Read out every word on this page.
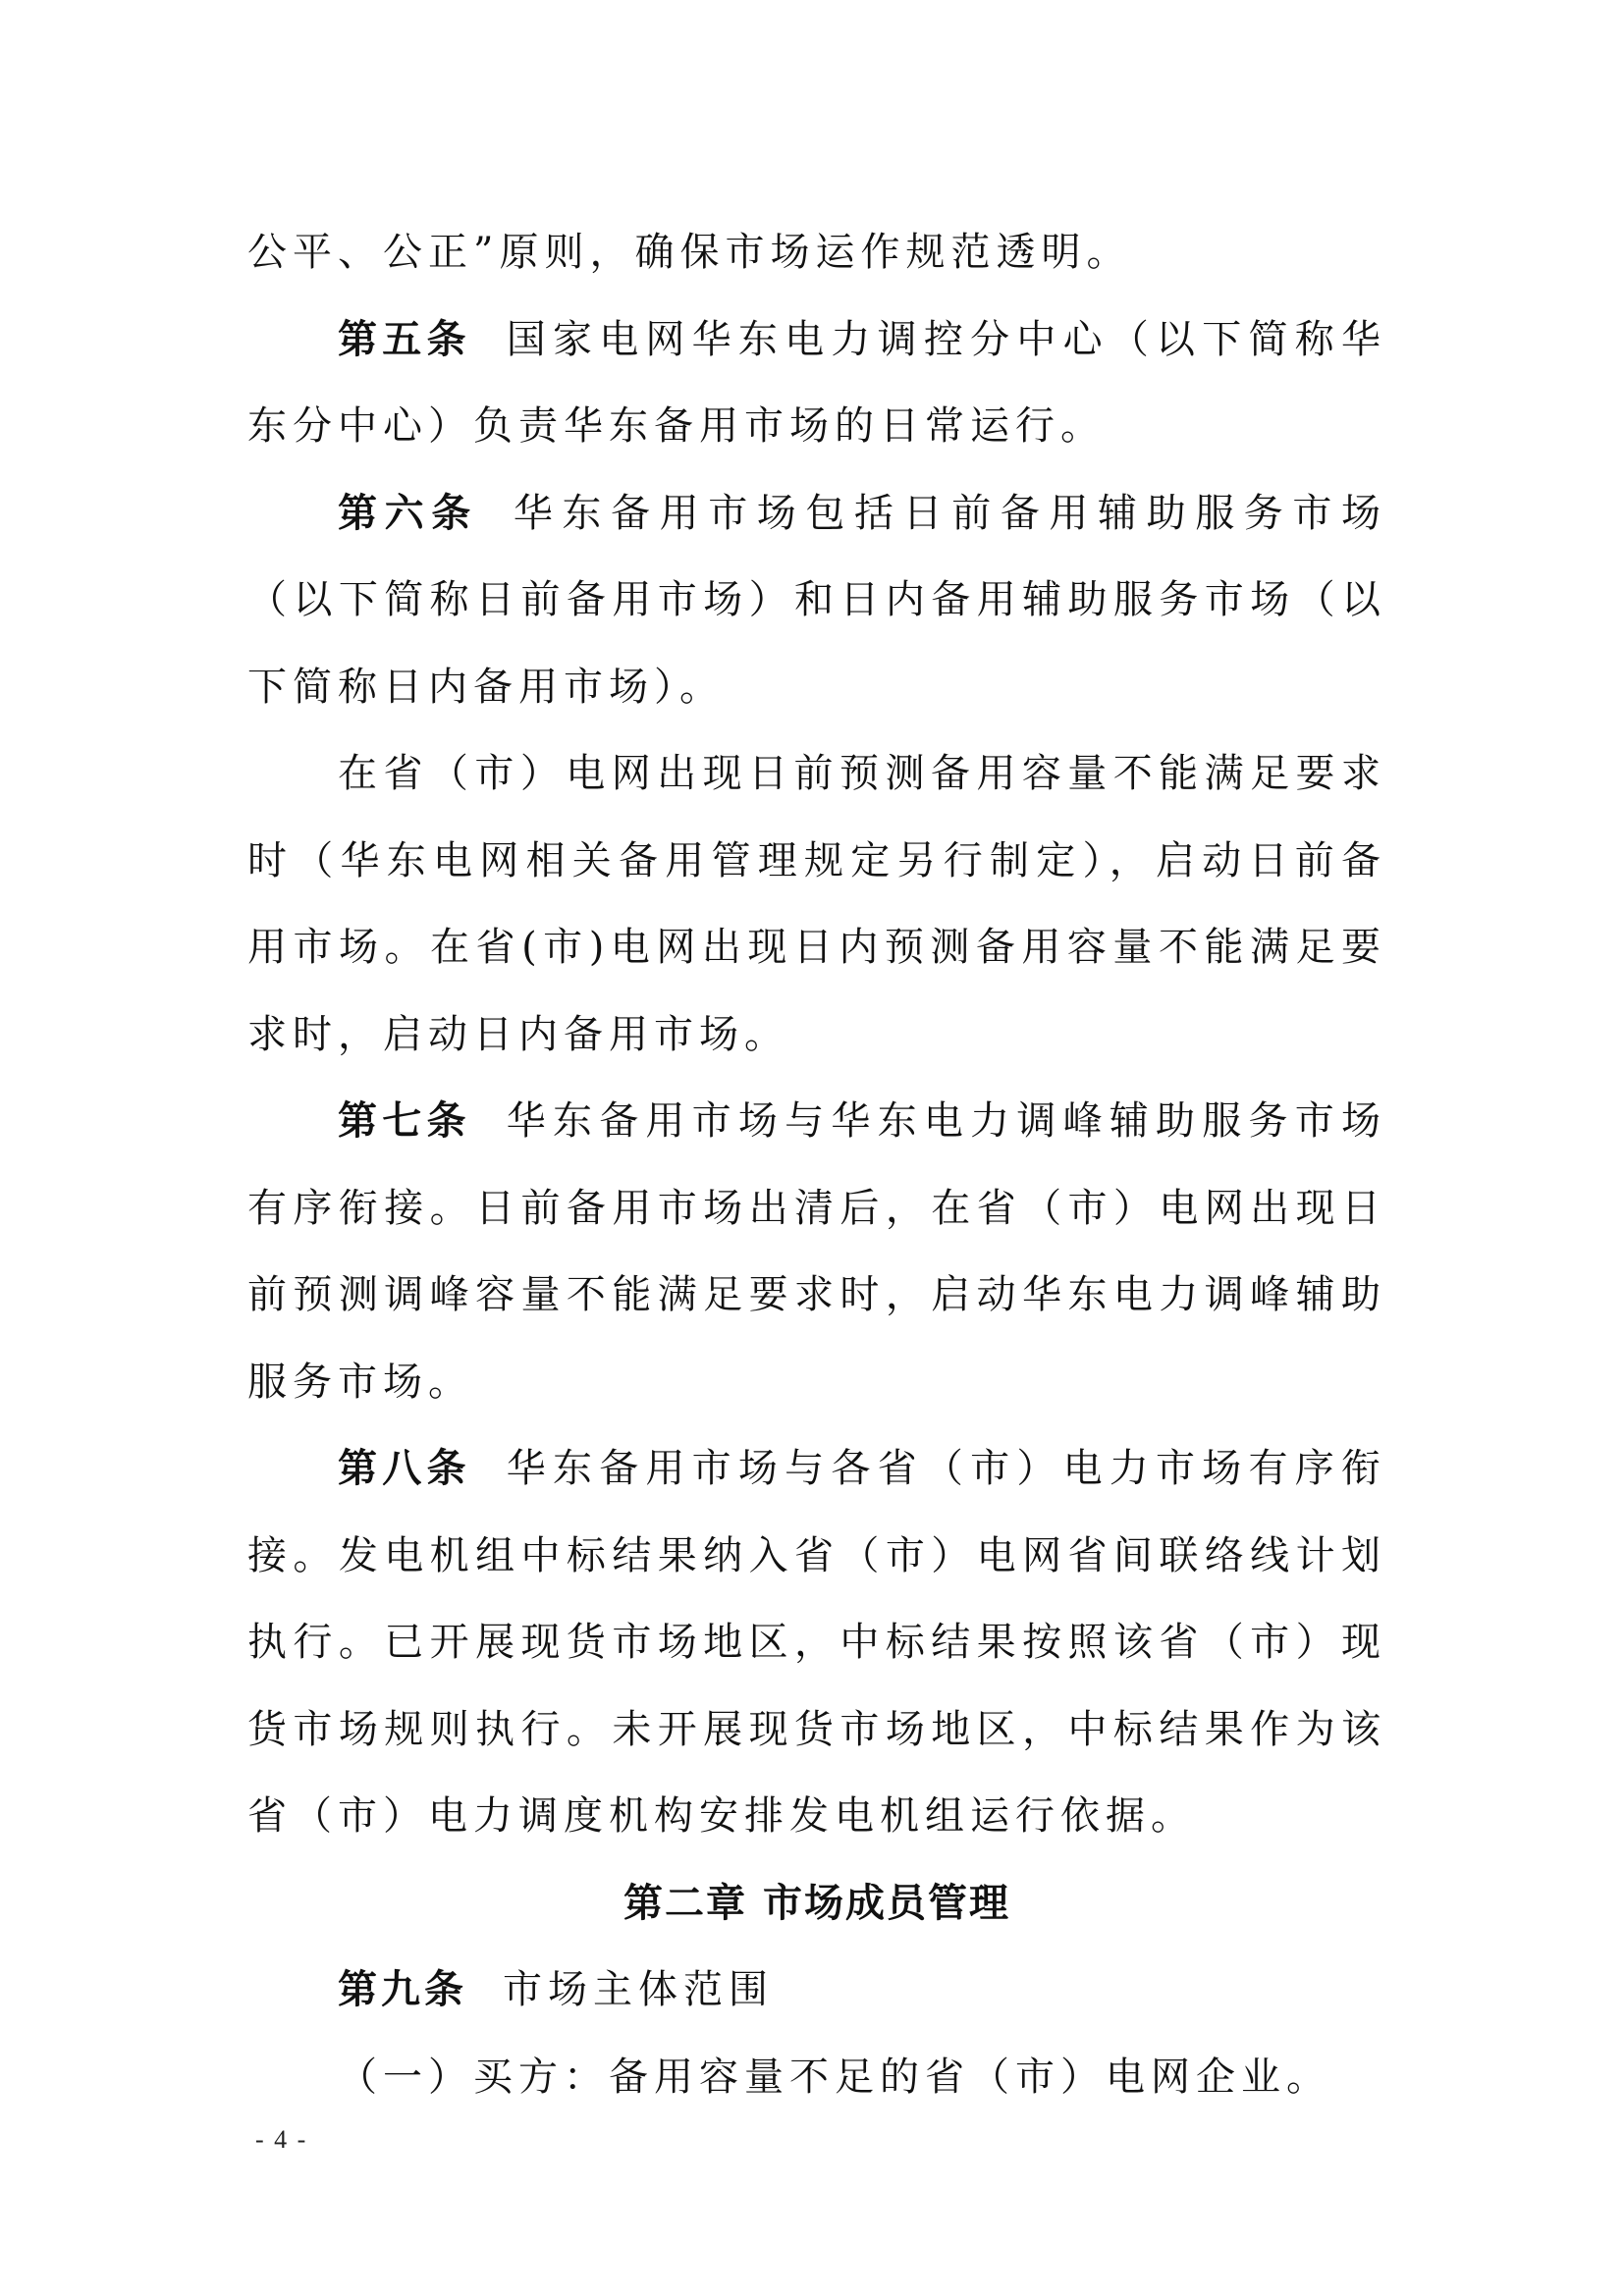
公平、公正”原则，确保市场运作规范透明。

第五条 国家电网华东电力调控分中心（以下简称华东分中心）负责华东备用市场的日常运行。

第六条 华东备用市场包括日前备用辅助服务市场（以下简称日前备用市场）和日内备用辅助服务市场（以下简称日内备用市场）。

在省（市）电网出现日前预测备用容量不能满足要求时（华东电网相关备用管理规定另行制定），启动日前备用市场。在省(市)电网出现日内预测备用容量不能满足要求时，启动日内备用市场。

第七条 华东备用市场与华东电力调峰辅助服务市场有序衔接。日前备用市场出清后，在省（市）电网出现日前预测调峰容量不能满足要求时，启动华东电力调峰辅助服务市场。

第八条 华东备用市场与各省（市）电力市场有序衔接。发电机组中标结果纳入省（市）电网省间联络线计划执行。已开展现货市场地区，中标结果按照该省（市）现货市场规则执行。未开展现货市场地区，中标结果作为该省（市）电力调度机构安排发电机组运行依据。

第二章 市场成员管理

第九条 市场主体范围

（一）买方：备用容量不足的省（市）电网企业。

- 4 -
